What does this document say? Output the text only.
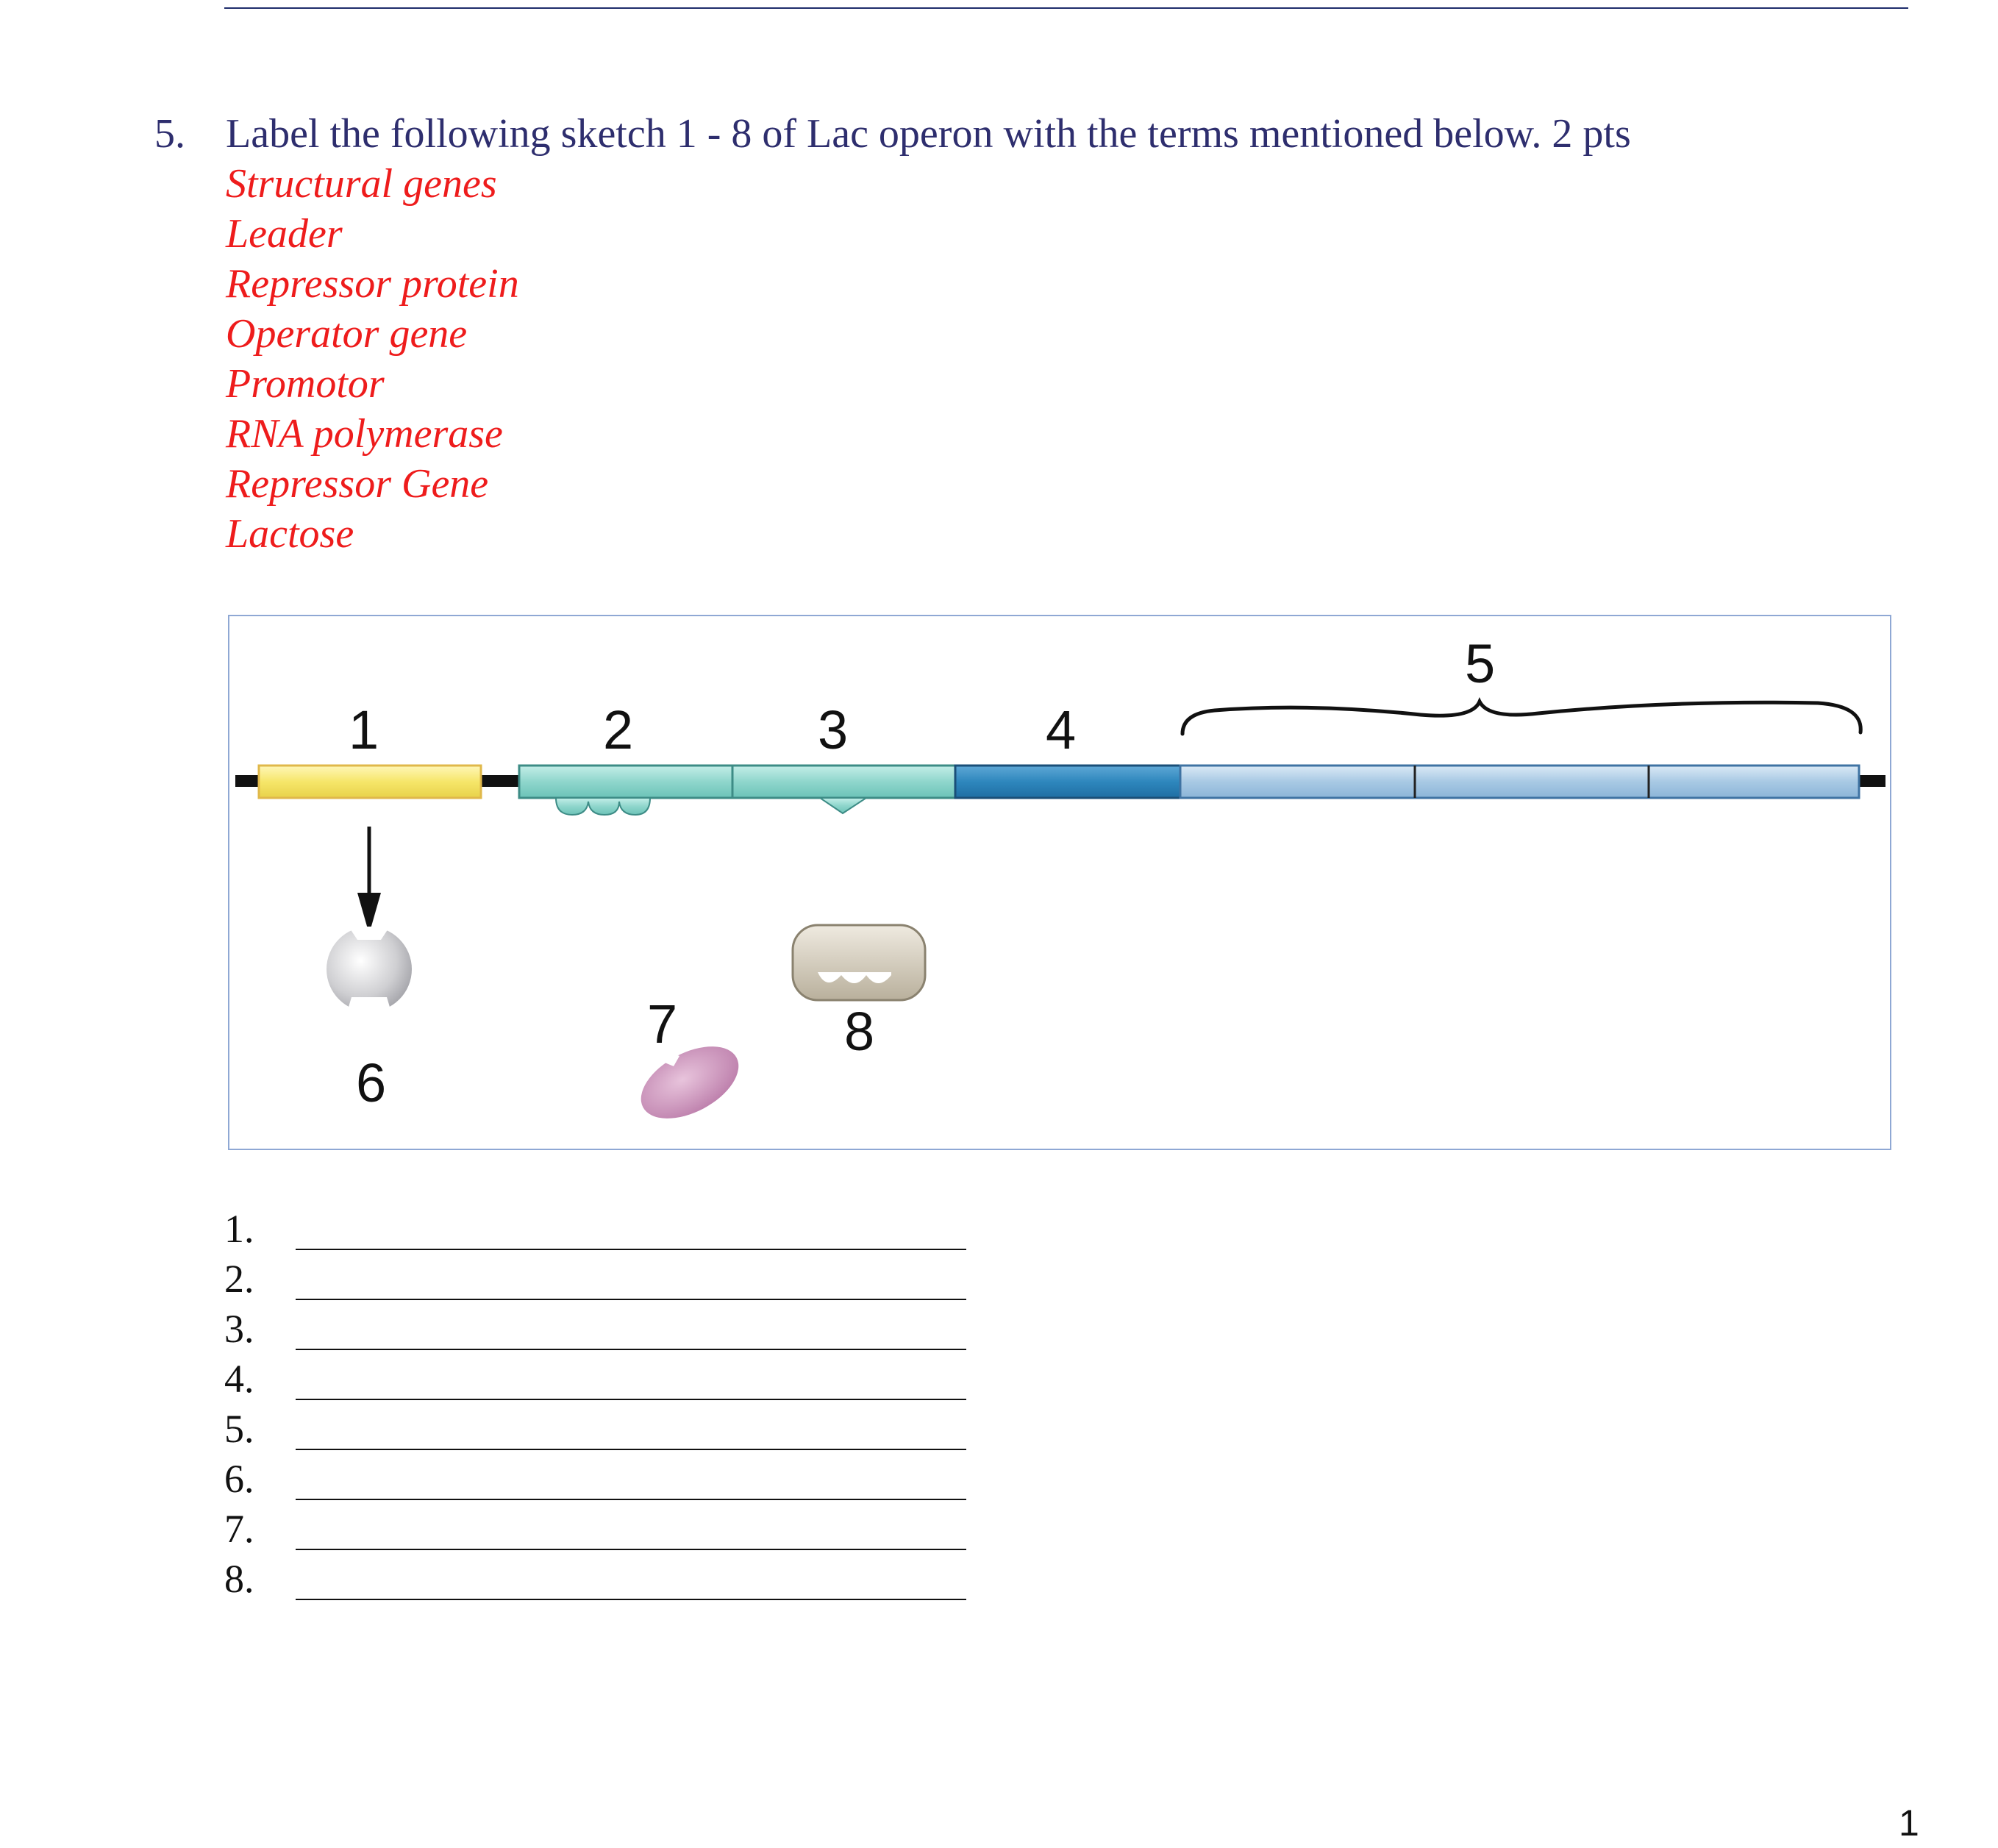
5. Label the following sketch 1 - 8 of Lac operon with the terms mentioned below. 2 pts
Structural genes
Leader
Repressor protein
Operator gene
Promotor
RNA polymerase
Repressor Gene
Lactose
1	2	3	4
5
6
7	8
1.
2.
3.
4.
5.
6.
7.
8.
1
